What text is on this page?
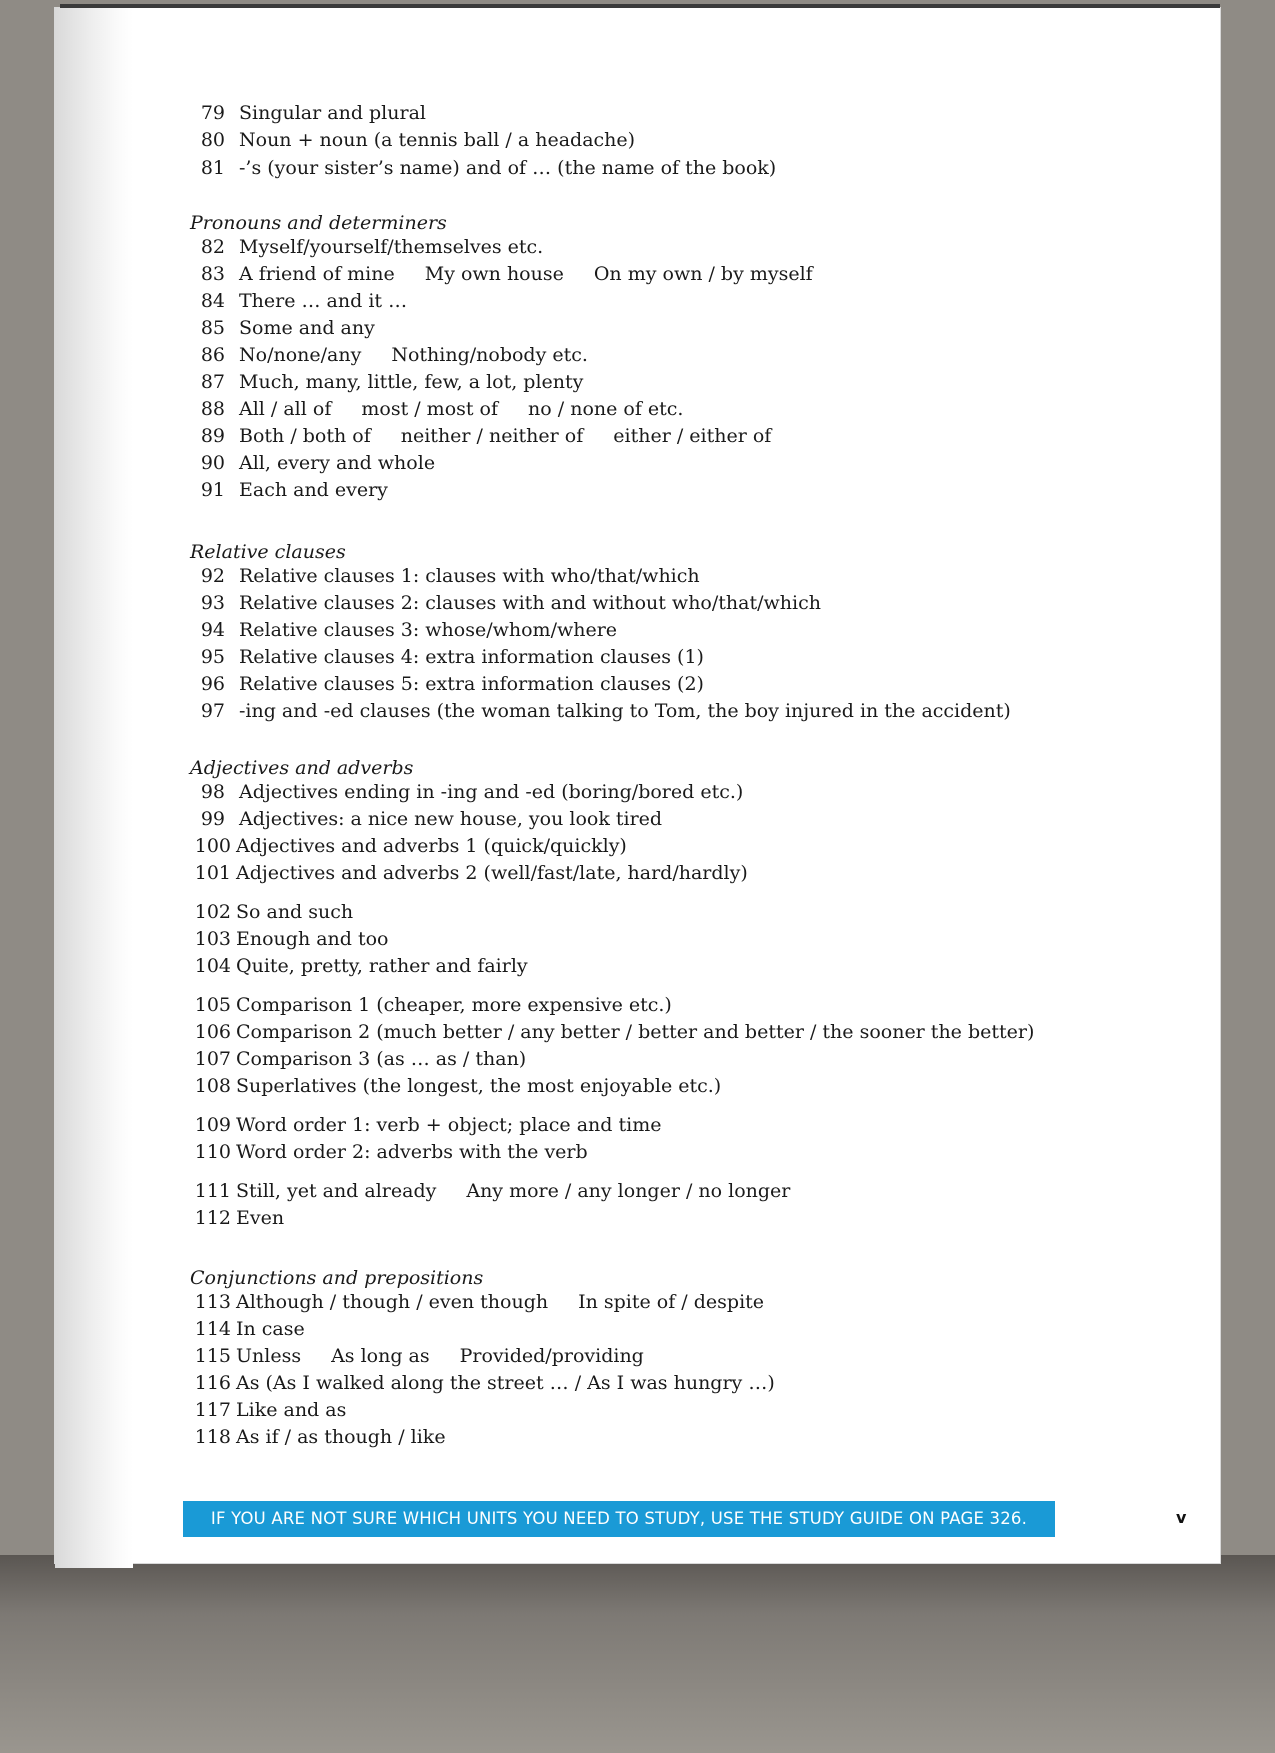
79 Singular and plural
80 Noun + noun (a tennis ball / a headache)
81 -’s (your sister’s name) and of … (the name of the book)
Pronouns and determiners
82 Myself/yourself/themselves etc.
83 A friend of mine My own house On my own / by myself
84 There … and it …
85 Some and any
86 No/none/any Nothing/nobody etc.
87 Much, many, little, few, a lot, plenty
88 All / all of most / most of no / none of etc.
89 Both / both of neither / neither of either / either of
90 All, every and whole
91 Each and every
Relative clauses
92 Relative clauses 1: clauses with who/that/which
93 Relative clauses 2: clauses with and without who/that/which
94 Relative clauses 3: whose/whom/where
95 Relative clauses 4: extra information clauses (1)
96 Relative clauses 5: extra information clauses (2)
97 -ing and -ed clauses (the woman talking to Tom, the boy injured in the accident)
Adjectives and adverbs
98 Adjectives ending in -ing and -ed (boring/bored etc.)
99 Adjectives: a nice new house, you look tired
100 Adjectives and adverbs 1 (quick/quickly)
101 Adjectives and adverbs 2 (well/fast/late, hard/hardly)
102 So and such
103 Enough and too
104 Quite, pretty, rather and fairly
105 Comparison 1 (cheaper, more expensive etc.)
106 Comparison 2 (much better / any better / better and better / the sooner the better)
107 Comparison 3 (as … as / than)
108 Superlatives (the longest, the most enjoyable etc.)
109 Word order 1: verb + object; place and time
110 Word order 2: adverbs with the verb
111 Still, yet and already Any more / any longer / no longer
112 Even
Conjunctions and prepositions
113 Although / though / even though In spite of / despite
114 In case
115 Unless As long as Provided/providing
116 As (As I walked along the street … / As I was hungry …)
117 Like and as
118 As if / as though / like
IF YOU ARE NOT SURE WHICH UNITS YOU NEED TO STUDY, USE THE STUDY GUIDE ON PAGE 326.	v
